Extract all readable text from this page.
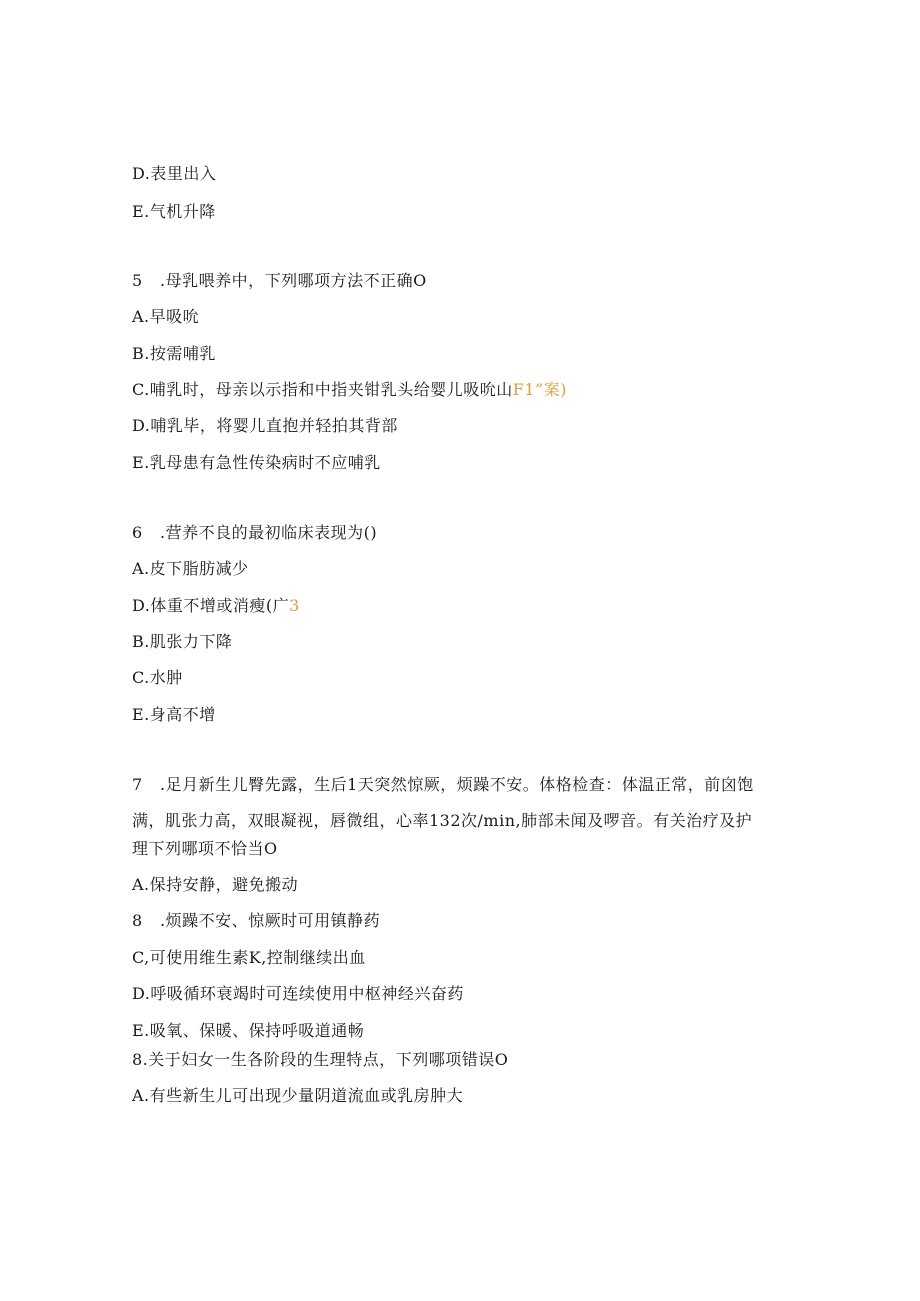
D.表里出入
E.气机升降
5 .母乳喂养中，下列哪项方法不正确O
A.早吸吮
B.按需哺乳
C.哺乳时，母亲以示指和中指夹钳乳头给婴儿吸吮山F1”案)
D.哺乳毕，将婴儿直抱并轻拍其背部
E.乳母患有急性传染病时不应哺乳
6 .营养不良的最初临床表现为()
A.皮下脂肪减少
D.体重不增或消瘦(广3
B.肌张力下降
C.水肿
E.身高不增
7 .足月新生儿臀先露，生后1天突然惊厥，烦躁不安。体格检查：体温正常，前囟饱
满，肌张力高，双眼凝视，唇微组，心率132次/min,肺部未闻及啰音。有关治疗及护
理下列哪项不恰当O
A.保持安静，避免搬动
8 .烦躁不安、惊厥时可用镇静药
C,可使用维生素K,控制继续出血
D.呼吸循环衰竭时可连续使用中枢神经兴奋药
E.吸氧、保暖、保持呼吸道通畅
8.关于妇女一生各阶段的生理特点，下列哪项错误O
A.有些新生儿可出现少量阴道流血或乳房肿大
